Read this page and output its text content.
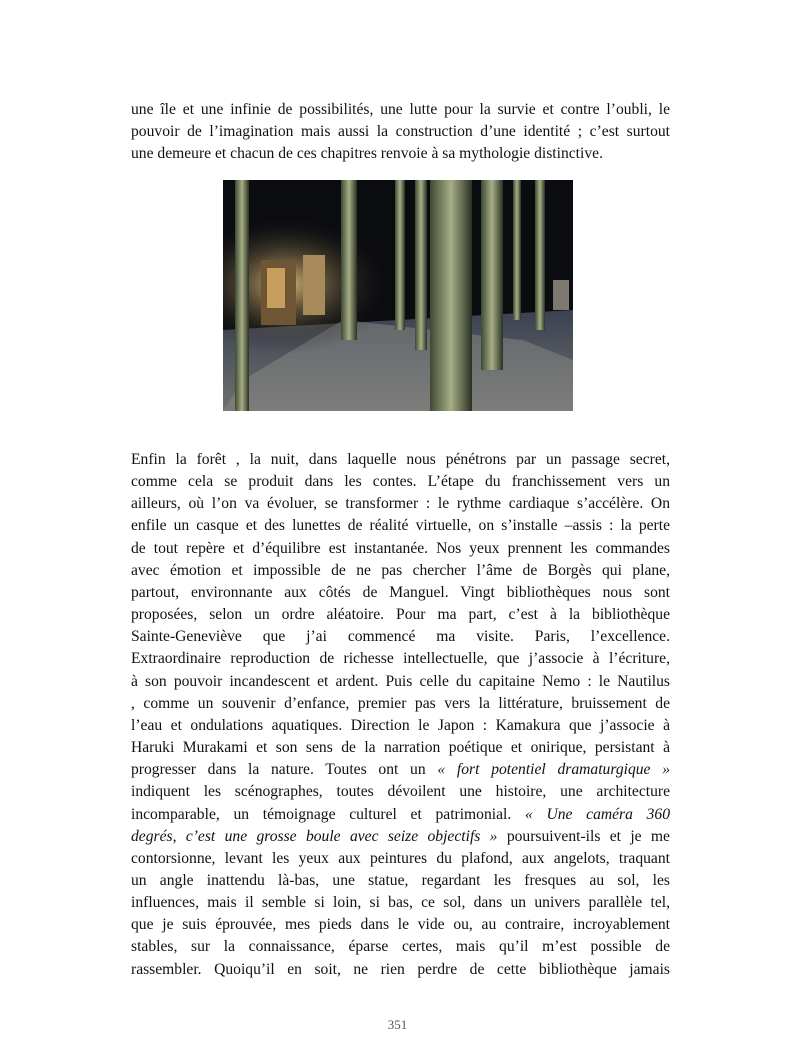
une île et une infinie de possibilités, une lutte pour la survie et contre l’oubli, le
pouvoir de l’imagination mais aussi la construction d’une identité ; c’est surtout
une demeure et chacun de ces chapitres renvoie à sa mythologie distinctive.
Enfin la forêt , la nuit, dans laquelle nous pénétrons par un passage secret,
comme cela se produit dans les contes. L’étape du franchissement vers un
ailleurs, où l’on va évoluer, se transformer : le rythme cardiaque s’accélère. On
enfile un casque et des lunettes de réalité virtuelle, on s’installe –assis : la perte
de tout repère et d’équilibre est instantanée. Nos yeux prennent les commandes
avec émotion et impossible de ne pas chercher l’âme de Borgès qui plane,
partout, environnante aux côtés de Manguel. Vingt bibliothèques nous sont
proposées, selon un ordre aléatoire. Pour ma part, c’est à la bibliothèque
Sainte-Geneviève que j’ai commencé ma visite. Paris, l’excellence.
Extraordinaire reproduction de richesse intellectuelle, que j’associe à l’écriture,
à son pouvoir incandescent et ardent. Puis celle du capitaine Nemo : le Nautilus
, comme un souvenir d’enfance, premier pas vers la littérature, bruissement de
l’eau et ondulations aquatiques. Direction le Japon : Kamakura que j’associe à
Haruki Murakami et son sens de la narration poétique et onirique, persistant à
progresser dans la nature. Toutes ont un « fort potentiel dramaturgique »
indiquent les scénographes, toutes dévoilent une histoire, une architecture
incomparable, un témoignage culturel et patrimonial. « Une caméra 360
degrés, c’est une grosse boule avec seize objectifs » poursuivent-ils et je me
contorsionne, levant les yeux aux peintures du plafond, aux angelots, traquant
un angle inattendu là-bas, une statue, regardant les fresques au sol, les
influences, mais il semble si loin, si bas, ce sol, dans un univers parallèle tel,
que je suis éprouvée, mes pieds dans le vide ou, au contraire, incroyablement
stables, sur la connaissance, éparse certes, mais qu’il m’est possible de
rassembler. Quoiqu’il en soit, ne rien perdre de cette bibliothèque jamais
351
